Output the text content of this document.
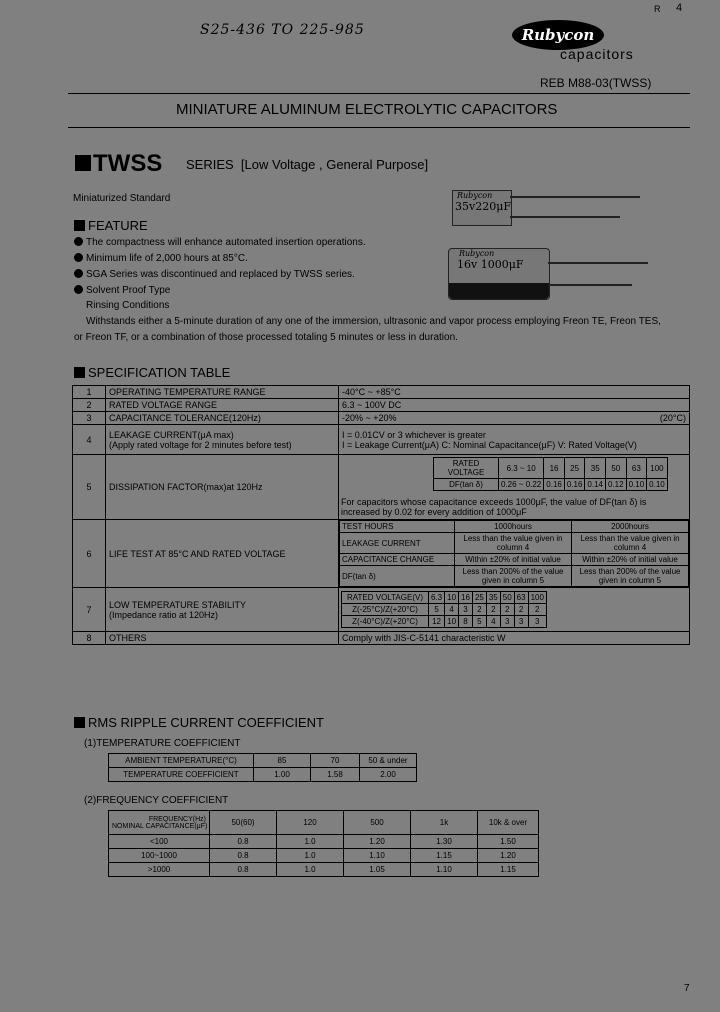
S25-436 TO 225-985	Rubycon
capacitors
R 4
REB M88-03(TWSS)
MINIATURE ALUMINUM ELECTROLYTIC CAPACITORS
TWSS SERIES [Low Voltage , General Purpose]
Miniaturized Standard
FEATURE
The compactness will enhance automated insertion operations.
Minimum life of 2,000 hours at 85°C.
SGA Series was discontinued and replaced by TWSS series.
Solvent Proof Type
Rinsing Conditions
Withstands either a 5-minute duration of any one of the immersion, ultrasonic and vapor process employing Freon TE, Freon TES,
or Freon TF, or a combination of those processed totaling 5 minutes or less in duration.
Rubycon
35v220μF
Rubycon
16v 1000μF
SPECIFICATION TABLE
1	OPERATING TEMPERATURE RANGE	-40°C ~ +85°C
2	RATED VOLTAGE RANGE	6.3 ~ 100V DC
3	CAPACITANCE TOLERANCE(120Hz)	-20% ~ +20%	(20°C)

4	LEAKAGE CURRENT(μA max)
(Apply rated voltage for 2 minutes before test)

I = 0.01CV or 3 whichever is greater
I = Leakage Current(μA) C: Nominal Capacitance(μF) V: Rated Voltage(V)

5	DISSIPATION FACTOR(max)at 120Hz	
RATED VOLTAGE	6.3 ~ 10	16	25	35	50	63	100
DF(tan δ)	0.26 ~ 0.22	0.16	0.16	0.14	0.12	0.10	0.10
For capacitors whose capacitance exceeds 1000μF, the value of DF(tan δ) is
increased by 0.02 for every addition of 1000μF

6	LIFE TEST AT 85°C AND RATED VOLTAGE	
TEST HOURS	1000hours	2000hours
LEAKAGE CURRENT	Less than the value given in column 4	Less than the value given in column 4
CAPACITANCE CHANGE	Within ±20% of initial value	Within ±20% of initial value
DF(tan δ)	Less than 200% of the value given in column 5	Less than 200% of the value given in column 5

7	LOW TEMPERATURE STABILITY
(Impedance ratio at 120Hz)

RATED VOLTAGE(V)	6.3	10	16	25	35	50	63	100
Z(-25°C)/Z(+20°C)	5	4	3	2	2	2	2	2
Z(-40°C)/Z(+20°C)	12	10	8	5	4	3	3	3

8	OTHERS	Comply with JIS-C-5141 characteristic W
RMS RIPPLE CURRENT COEFFICIENT
(1)TEMPERATURE COEFFICIENT
AMBIENT TEMPERATURE(°C)	85	70	50 & under
TEMPERATURE COEFFICIENT	1.00	1.58	2.00
(2)FREQUENCY COEFFICIENT
FREQUENCY(Hz)
NOMINAL CAPACITANCE(μF)	50(60)	120	500	1k	10k & over
<100	0.8	1.0	1.20	1.30	1.50
100~1000	0.8	1.0	1.10	1.15	1.20
>1000	0.8	1.0	1.05	1.10	1.15
7
